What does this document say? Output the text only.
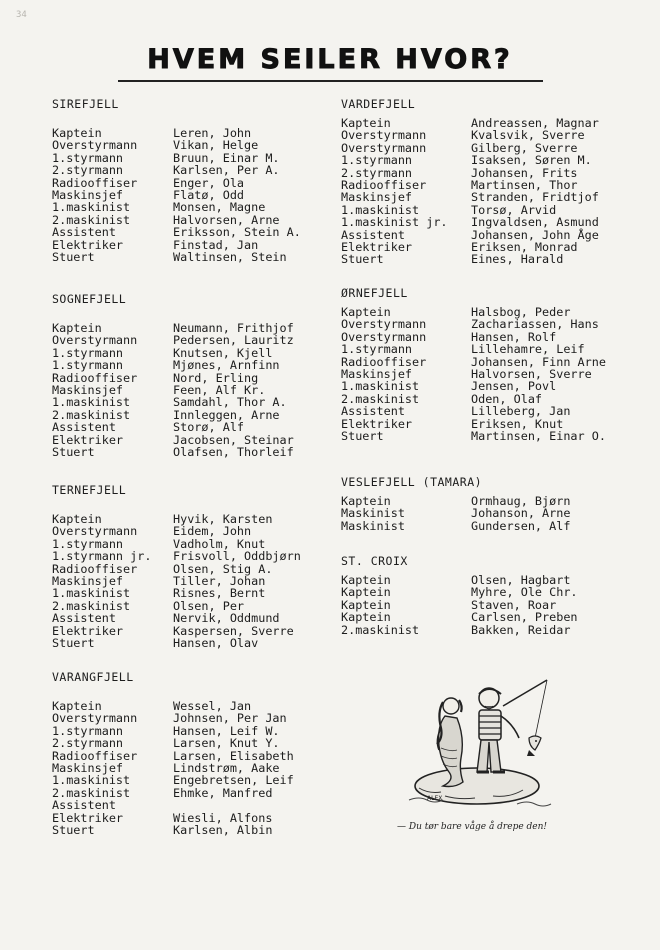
34
HVEM SEILER HVOR?
SIREFJELL
Kaptein	Leren, John
Overstyrmann	Vikan, Helge
1.styrmann	Bruun, Einar M.
2.styrmann	Karlsen, Per A.
Radiooffiser	Enger, Ola
Maskinsjef	Flatø, Odd
1.maskinist	Monsen, Magne
2.maskinist	Halvorsen, Arne
Assistent	Eriksson, Stein A.
Elektriker	Finstad, Jan
Stuert	Waltinsen, Stein
SOGNEFJELL
Kaptein	Neumann, Frithjof
Overstyrmann	Pedersen, Lauritz
1.styrmann	Knutsen, Kjell
1.styrmann	Mjønes, Arnfinn
Radiooffiser	Nord, Erling
Maskinsjef	Feen, Alf Kr.
1.maskinist	Samdahl, Thor A.
2.maskinist	Innleggen, Arne
Assistent	Storø, Alf
Elektriker	Jacobsen, Steinar
Stuert	Olafsen, Thorleif
TERNEFJELL
Kaptein	Hyvik, Karsten
Overstyrmann	Eidem, John
1.styrmann	Vadholm, Knut
1.styrmann jr. Frisvoll, Oddbjørn
Radiooffiser	Olsen, Stig A.
Maskinsjef	Tiller, Johan
1.maskinist	Risnes, Bernt
2.maskinist	Olsen, Per
Assistent	Nervik, Oddmund
Elektriker	Kaspersen, Sverre
Stuert	Hansen, Olav
VARANGFJELL
Kaptein	Wessel, Jan
Overstyrmann	Johnsen, Per Jan
1.styrmann	Hansen, Leif W.
2.styrmann	Larsen, Knut Y.
Radiooffiser	Larsen, Elisabeth
Maskinsjef	Lindstrøm, Aake
1.maskinist	Engebretsen, Leif
2.maskinist	Ehmke, Manfred
Assistent
Elektriker	Wiesli, Alfons
Stuert	Karlsen, Albin
VARDEFJELL
Kaptein	Andreassen, Magnar
Overstyrmann	Kvalsvik, Sverre
Overstyrmann	Gilberg, Sverre
1.styrmann	Isaksen, Søren M.
2.styrmann	Johansen, Frits
Radiooffiser	Martinsen, Thor
Maskinsjef	Stranden, Fridtjof
1.maskinist	Torsø, Arvid
1.maskinist jr. Ingvaldsen, Asmund
Assistent	Johansen, John Åge
Elektriker	Eriksen, Monrad
Stuert	Eines, Harald
ØRNEFJELL
Kaptein	Halsbog, Peder
Overstyrmann	Zachariassen, Hans
Overstyrmann	Hansen, Rolf
1.styrmann	Lillehamre, Leif
Radiooffiser	Johansen, Finn Arne
Maskinsjef	Halvorsen, Sverre
1.maskinist	Jensen, Povl
2.maskinist	Oden, Olaf
Assistent	Lilleberg, Jan
Elektriker	Eriksen, Knut
Stuert	Martinsen, Einar O.
VESLEFJELL (TAMARA)
Kaptein	Ormhaug, Bjørn
Maskinist	Johanson, Arne
Maskinist	Gundersen, Alf
ST. CROIX
Kaptein	Olsen, Hagbart
Kaptein	Myhre, Ole Chr.
Kaptein	Staven, Roar
Kaptein	Carlsen, Preben
2.maskinist	Bakken, Reidar
ALEX
— Du tør bare våge å drepe den!
